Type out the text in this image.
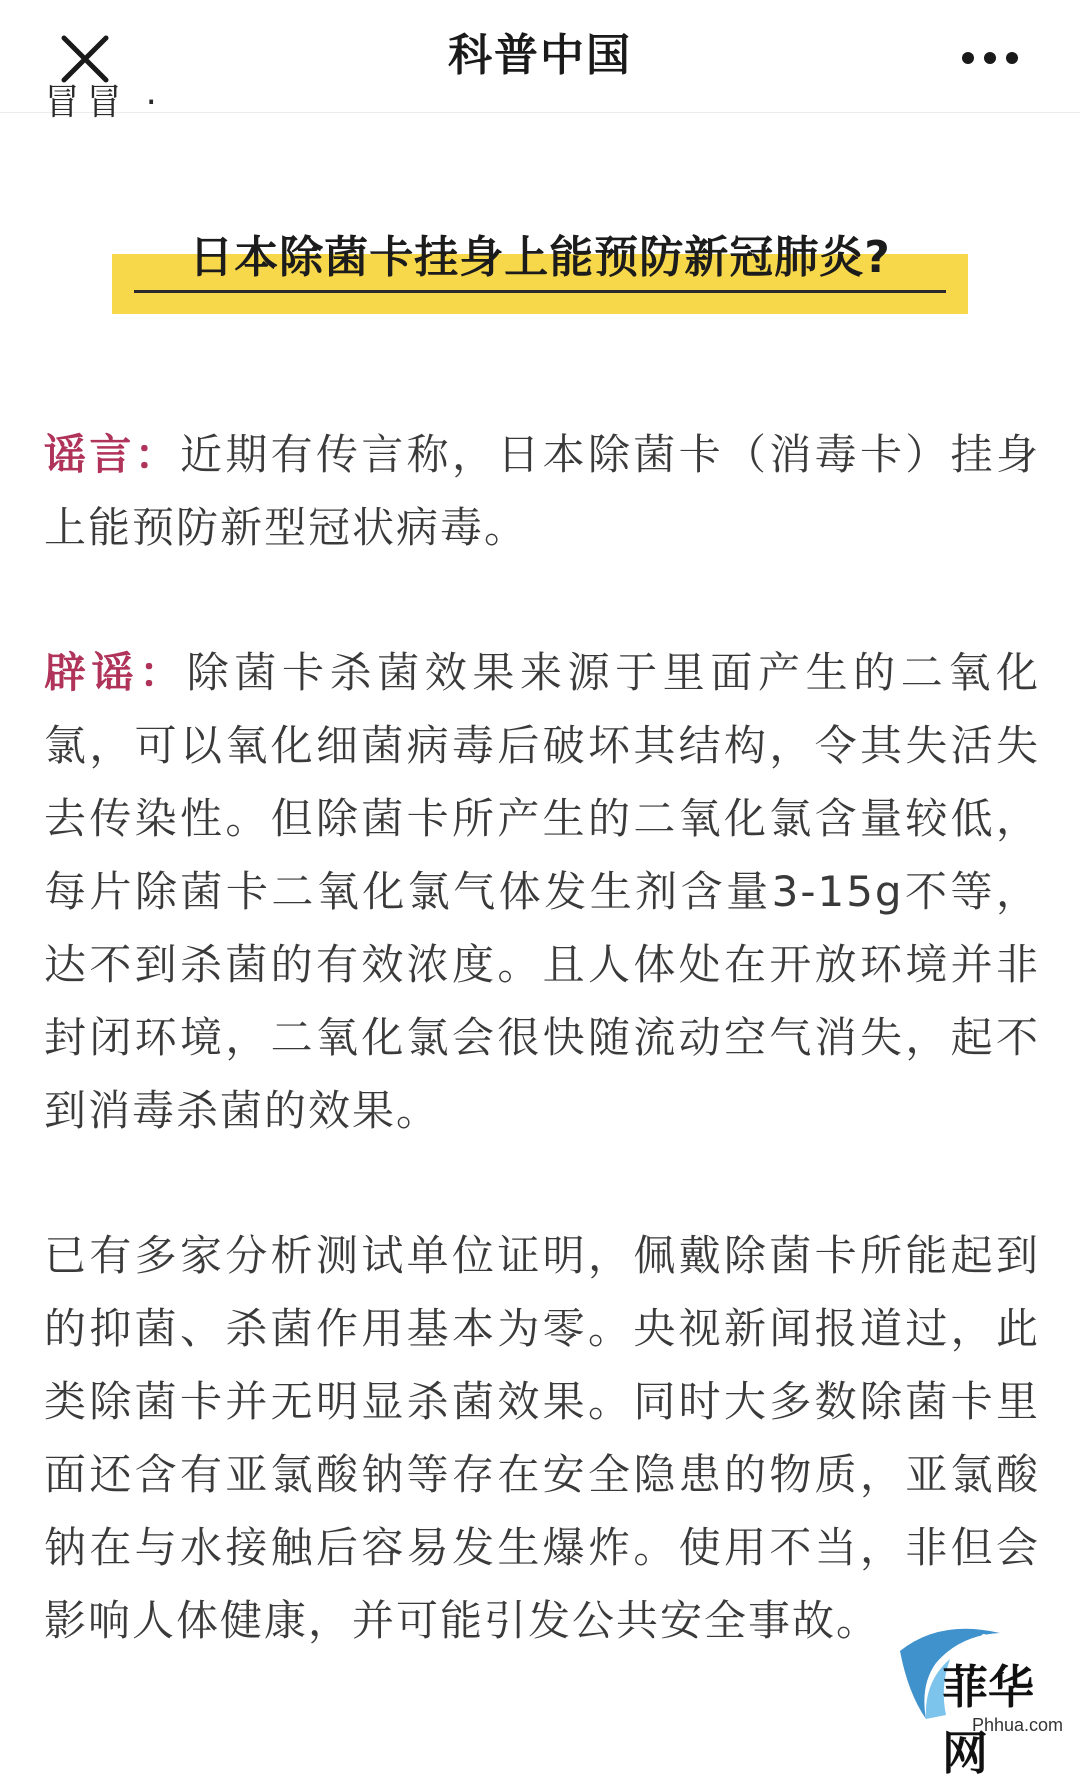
科普中国
冒冒 ·
日本除菌卡挂身上能预防新冠肺炎?

谣言：近期有传言称，日本除菌卡（消毒卡）挂身上能预防新型冠状病毒。

辟谣：除菌卡杀菌效果来源于里面产生的二氧化氯，可以氧化细菌病毒后破坏其结构，令其失活失去传染性。但除菌卡所产生的二氧化氯含量较低，每片除菌卡二氧化氯气体发生剂含量3-15g不等，达不到杀菌的有效浓度。且人体处在开放环境并非封闭环境，二氧化氯会很快随流动空气消失，起不到消毒杀菌的效果。

已有多家分析测试单位证明，佩戴除菌卡所能起到的抑菌、杀菌作用基本为零。央视新闻报道过，此类除菌卡并无明显杀菌效果。同时大多数除菌卡里面还含有亚氯酸钠等存在安全隐患的物质，亚氯酸钠在与水接触后容易发生爆炸。使用不当，非但会影响人体健康，并可能引发公共安全事故。

菲华网
Phhua.com
